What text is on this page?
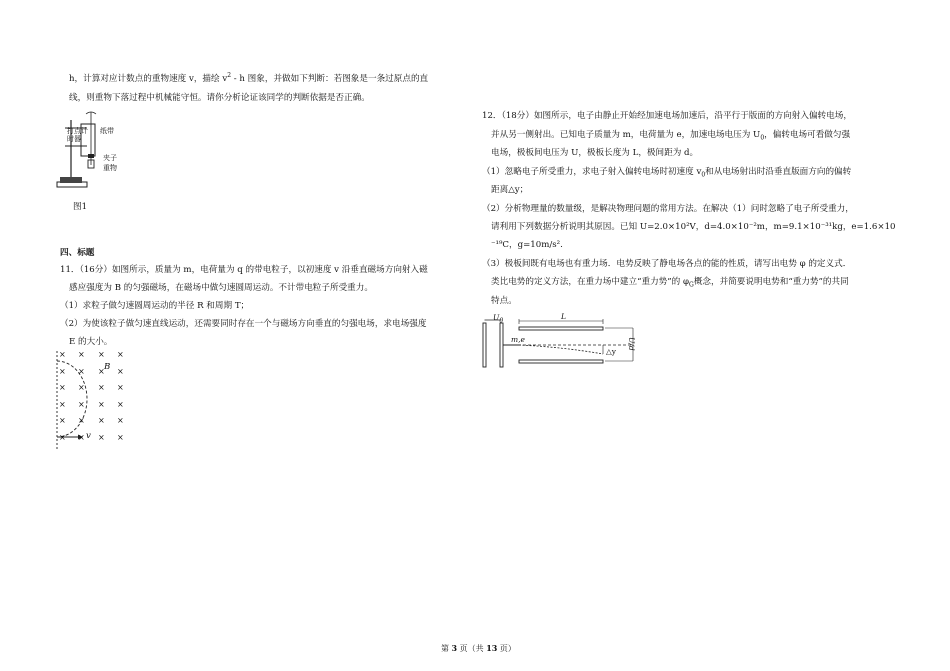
h，计算对应计数点的重物速度 v，描绘 $v^2$ - h 图象，并做如下判断：若图象是一条过原点的直
线，则重物下落过程中机械能守恒。请你分析论证该同学的判断依据是否正确。
打点计时器
纸带
夹子
重物
图1
四、标题
11．（16分）如图所示，质量为 m，电荷量为 q 的带电粒子，以初速度 v 沿垂直磁场方向射入磁
感应强度为 B 的匀强磁场，在磁场中做匀速圆周运动。不计带电粒子所受重力。
（1）求粒子做匀速圆周运动的半径 R 和周期 T；
（2）为使该粒子做匀速直线运动，还需要同时存在一个与磁场方向垂直的匀强电场，求电场强度
E 的大小。
× × × ×
× × × ×
× × × ×
× × × ×
× × × ×
× × × ×
B
v
12．（18分）如图所示，电子由静止开始经加速电场加速后，沿平行于版面的方向射入偏转电场，
并从另一侧射出。已知电子质量为 m，电荷量为 e，加速电场电压为 $U_0$，偏转电场可看做匀强
电场，极板间电压为 U，极板长度为 L，极间距为 d。
（1）忽略电子所受重力，求电子射入偏转电场时初速度 $v_0$和从电场射出时沿垂直版面方向的偏转
距离△y；
（2）分析物理量的数量级，是解决物理问题的常用方法。在解决（1）问时忽略了电子所受重力，
请利用下列数据分析说明其原因。已知 U=2.0×10²V，d=4.0×10⁻²m，m=9.1×10⁻³¹kg，e=1.6×10
⁻¹⁹C，g=10m/s².
（3）极板间既有电场也有重力场．电势反映了静电场各点的能的性质，请写出电势 φ 的定义式．
类比电势的定义方法，在重力场中建立“重力势”的 $\varphi_G$概念，并简要说明电势和“重力势”的共同
特点。
$U_0$	L
m,e
△y
U/d
第 3 页（共 13 页）
